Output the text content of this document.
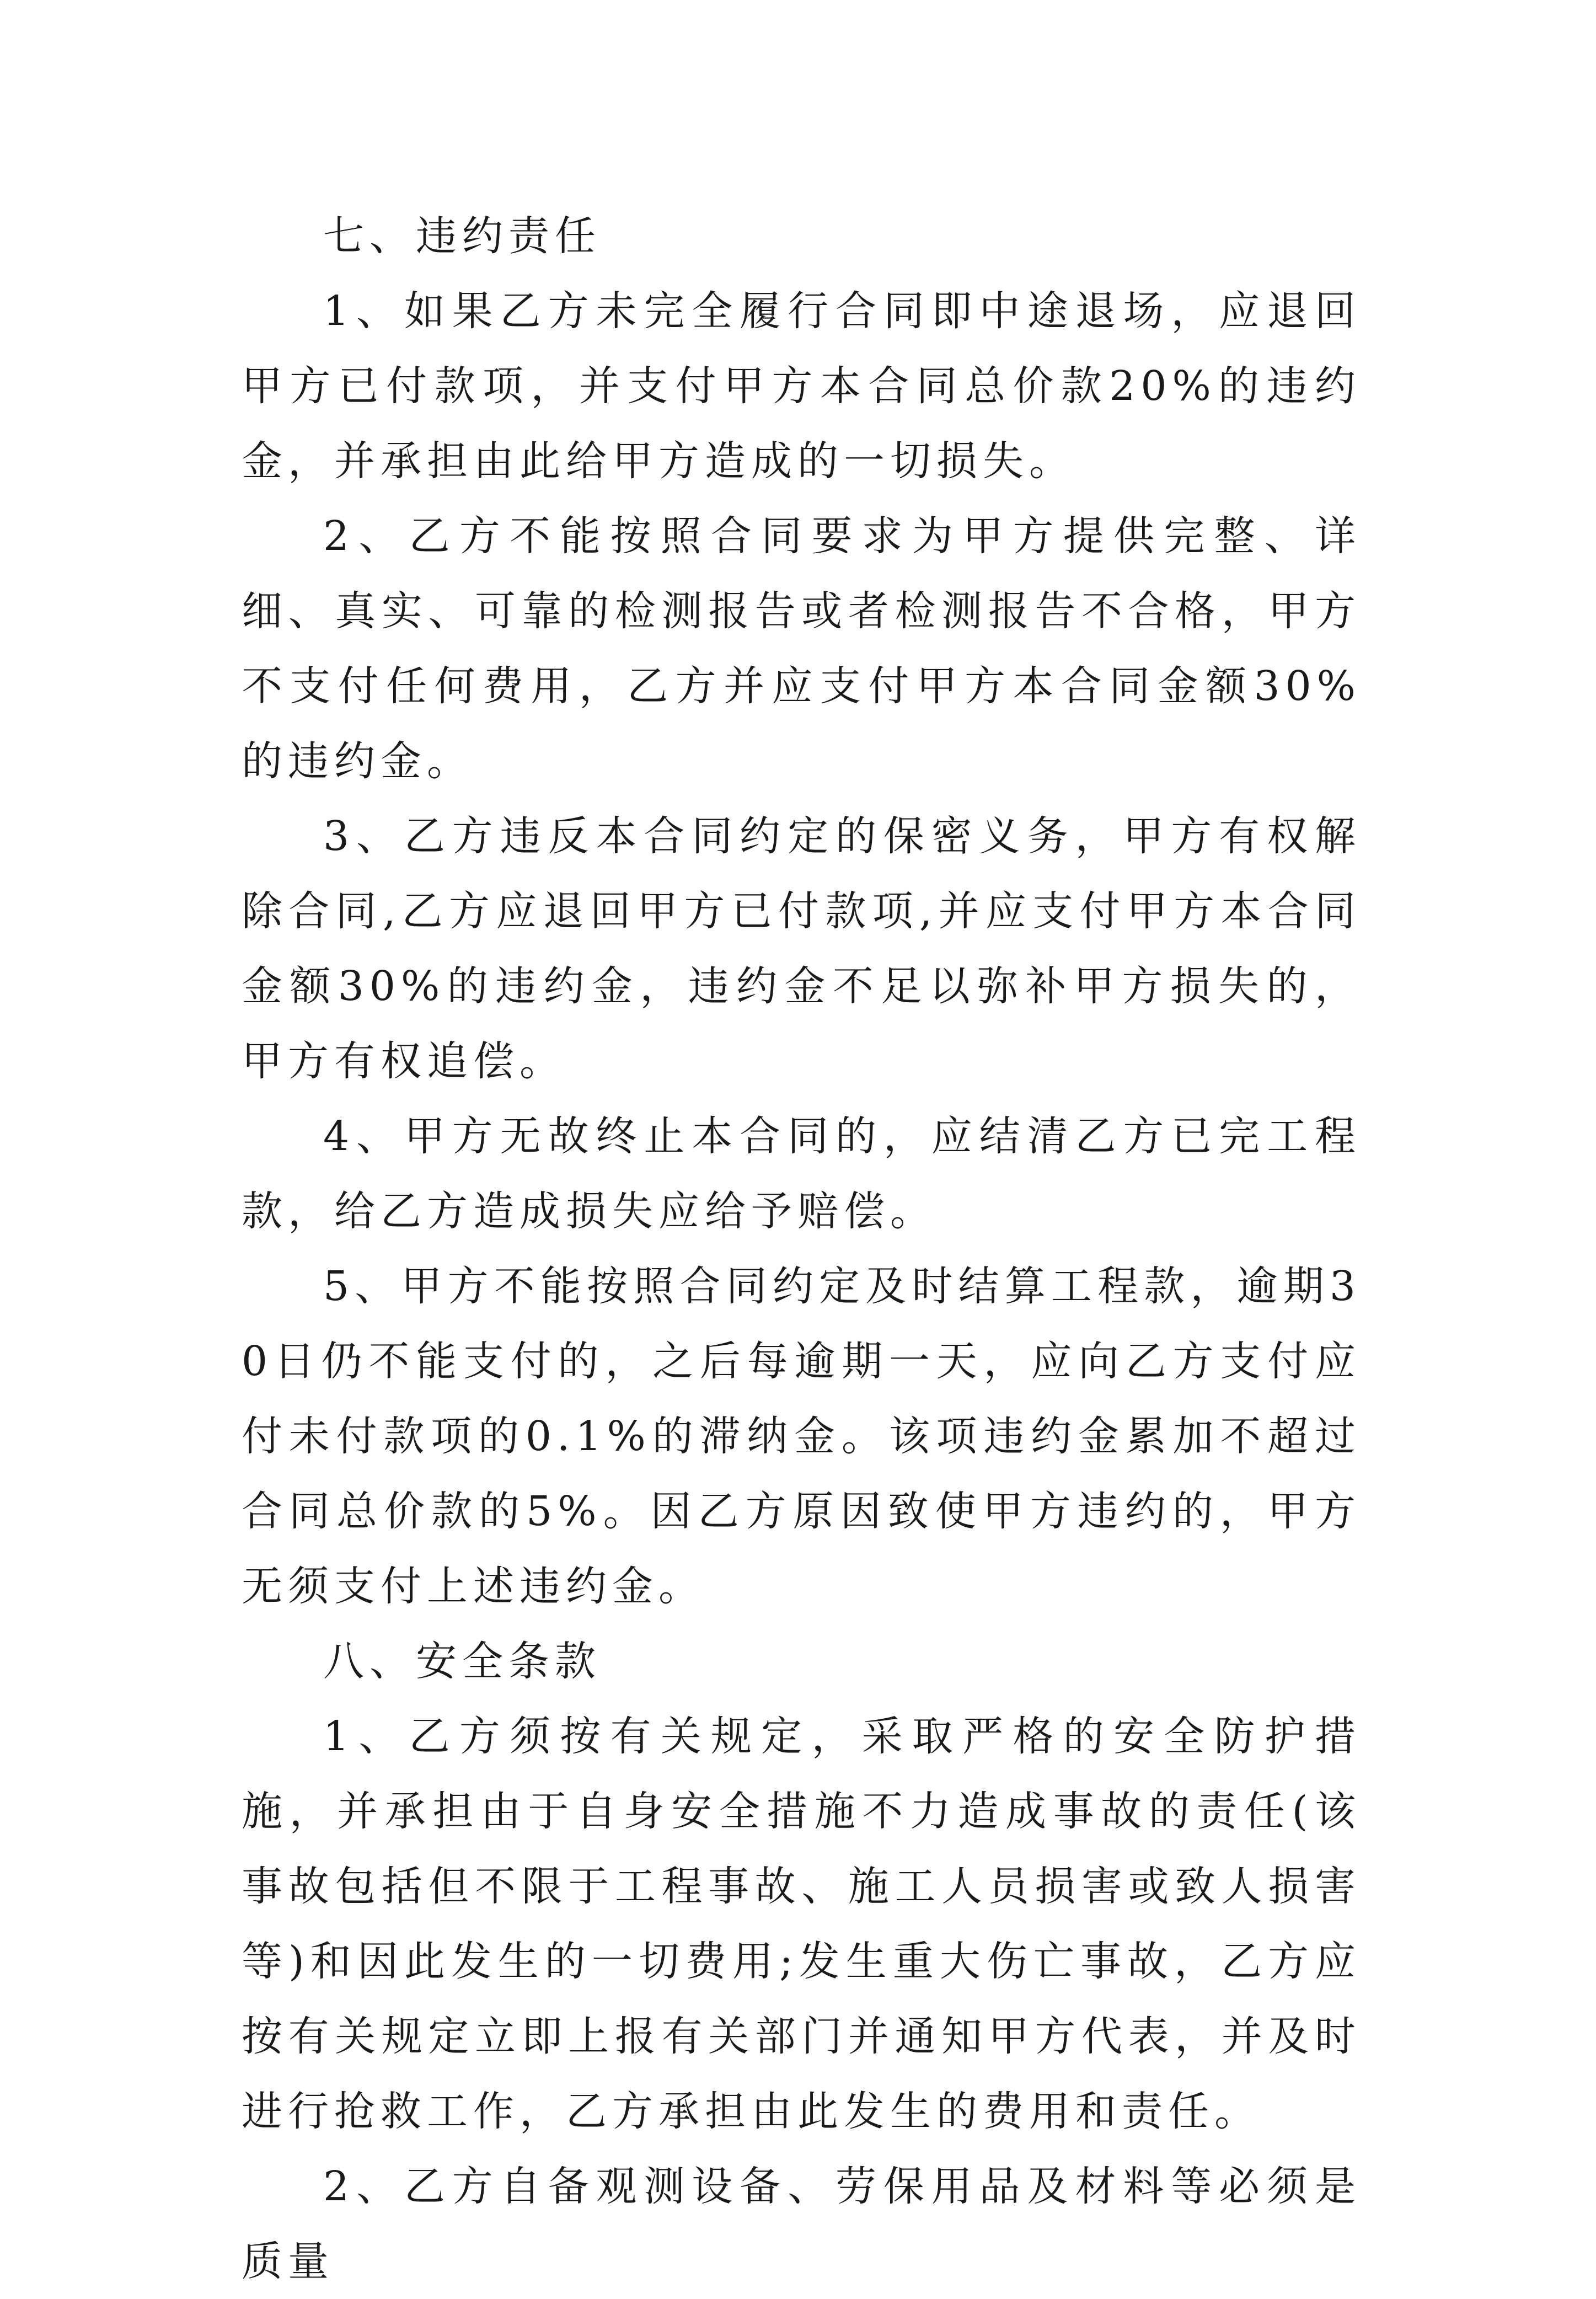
七、违约责任

1、如果乙方未完全履行合同即中途退场，应退回甲方已付款项，并支付甲方本合同总价款20%的违约金，并承担由此给甲方造成的一切损失。

2、乙方不能按照合同要求为甲方提供完整、详细、真实、可靠的检测报告或者检测报告不合格，甲方不支付任何费用，乙方并应支付甲方本合同金额30%的违约金。

3、乙方违反本合同约定的保密义务，甲方有权解除合同,乙方应退回甲方已付款项,并应支付甲方本合同金额30%的违约金，违约金不足以弥补甲方损失的，甲方有权追偿。

4、甲方无故终止本合同的，应结清乙方已完工程款，给乙方造成损失应给予赔偿。

5、甲方不能按照合同约定及时结算工程款，逾期30日仍不能支付的，之后每逾期一天，应向乙方支付应付未付款项的0.1%的滞纳金。该项违约金累加不超过合同总价款的5%。因乙方原因致使甲方违约的，甲方无须支付上述违约金。

八、安全条款

1、乙方须按有关规定，采取严格的安全防护措施，并承担由于自身安全措施不力造成事故的责任(该事故包括但不限于工程事故、施工人员损害或致人损害等)和因此发生的一切费用;发生重大伤亡事故，乙方应按有关规定立即上报有关部门并通知甲方代表，并及时进行抢救工作，乙方承担由此发生的费用和责任。

2、乙方自备观测设备、劳保用品及材料等必须是质量
